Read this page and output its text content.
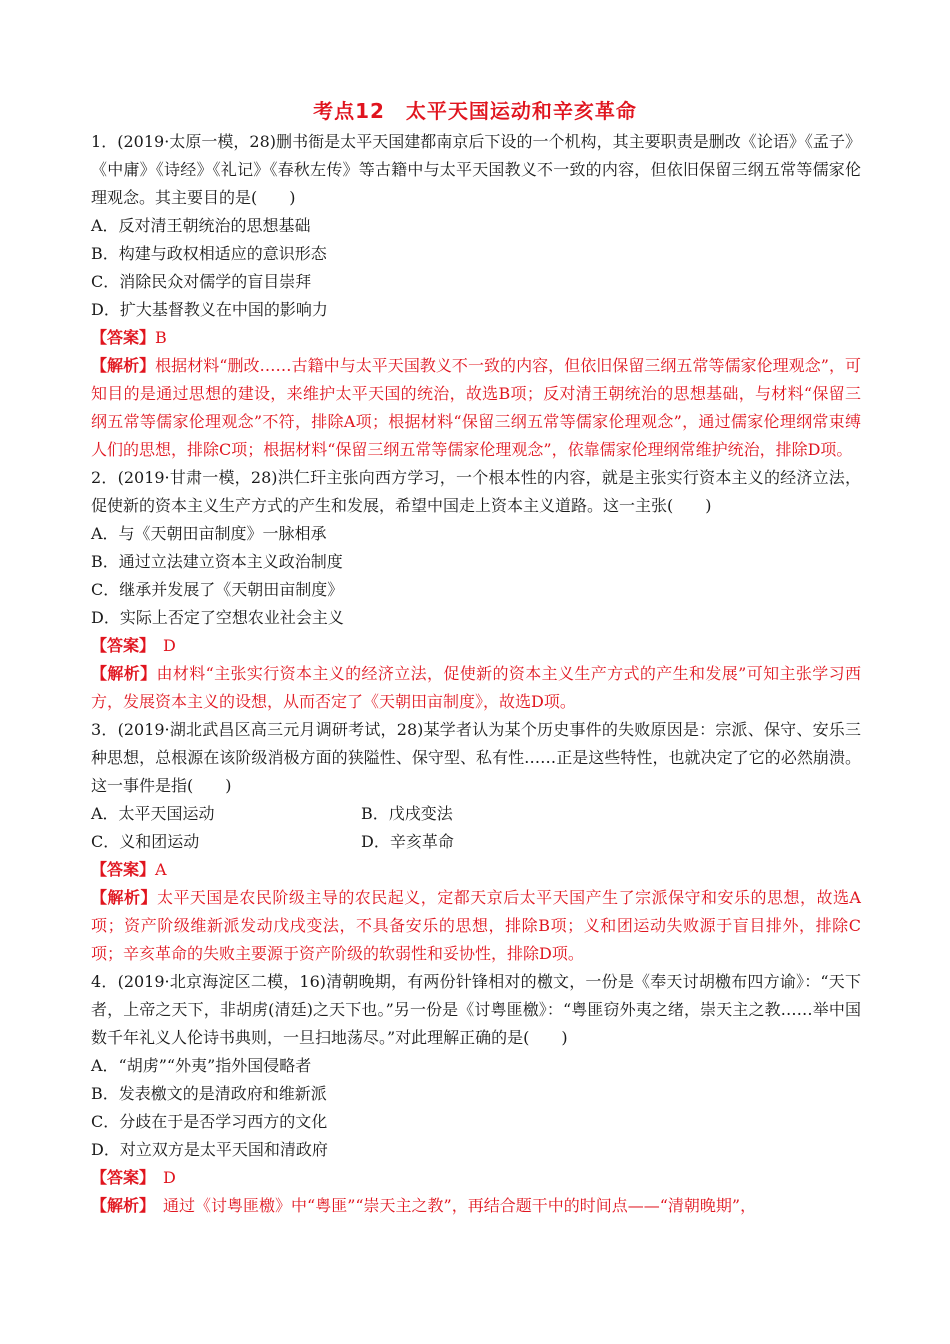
考点12　太平天国运动和辛亥革命

1．(2019·太原一模，28)删书衙是太平天国建都南京后下设的一个机构，其主要职责是删改《论语》《孟子》《中庸》《诗经》《礼记》《春秋左传》等古籍中与太平天国教义不一致的内容，但依旧保留三纲五常等儒家伦理观念。其主要目的是(　　)

A．反对清王朝统治的思想基础

B．构建与政权相适应的意识形态

C．消除民众对儒学的盲目崇拜

D．扩大基督教义在中国的影响力

【答案】B

【解析】根据材料“删改……古籍中与太平天国教义不一致的内容，但依旧保留三纲五常等儒家伦理观念”，可知目的是通过思想的建设，来维护太平天国的统治，故选B项；反对清王朝统治的思想基础，与材料“保留三纲五常等儒家伦理观念”不符，排除A项；根据材料“保留三纲五常等儒家伦理观念”，通过儒家伦理纲常束缚人们的思想，排除C项；根据材料“保留三纲五常等儒家伦理观念”，依靠儒家伦理纲常维护统治，排除D项。

2．(2019·甘肃一模，28)洪仁玕主张向西方学习，一个根本性的内容，就是主张实行资本主义的经济立法，促使新的资本主义生产方式的产生和发展，希望中国走上资本主义道路。这一主张(　　)

A．与《天朝田亩制度》一脉相承

B．通过立法建立资本主义政治制度

C．继承并发展了《天朝田亩制度》

D．实际上否定了空想农业社会主义

【答案】　D

【解析】由材料“主张实行资本主义的经济立法，促使新的资本主义生产方式的产生和发展”可知主张学习西方，发展资本主义的设想，从而否定了《天朝田亩制度》，故选D项。

3．(2019·湖北武昌区高三元月调研考试，28)某学者认为某个历史事件的失败原因是：宗派、保守、安乐三种思想，总根源在该阶级消极方面的狭隘性、保守型、私有性……正是这些特性，也就决定了它的必然崩溃。这一事件是指(　　)

A．太平天国运动	B．戊戌变法
C．义和团运动	D．辛亥革命

【答案】A

【解析】太平天国是农民阶级主导的农民起义，定都天京后太平天国产生了宗派保守和安乐的思想，故选A项；资产阶级维新派发动戊戌变法，不具备安乐的思想，排除B项；义和团运动失败源于盲目排外，排除C项；辛亥革命的失败主要源于资产阶级的软弱性和妥协性，排除D项。

4．(2019·北京海淀区二模，16)清朝晚期，有两份针锋相对的檄文，一份是《奉天讨胡檄布四方谕》：“天下者，上帝之天下，非胡虏(清廷)之天下也。”另一份是《讨粤匪檄》：“粤匪窃外夷之绪，崇天主之教……举中国数千年礼义人伦诗书典则，一旦扫地荡尽。”对此理解正确的是(　　)

A．“胡虏”“外夷”指外国侵略者

B．发表檄文的是清政府和维新派

C．分歧在于是否学习西方的文化

D．对立双方是太平天国和清政府

【答案】　D

【解析】　通过《讨粤匪檄》中“粤匪”“崇天主之教”，再结合题干中的时间点——“清朝晚期”，
